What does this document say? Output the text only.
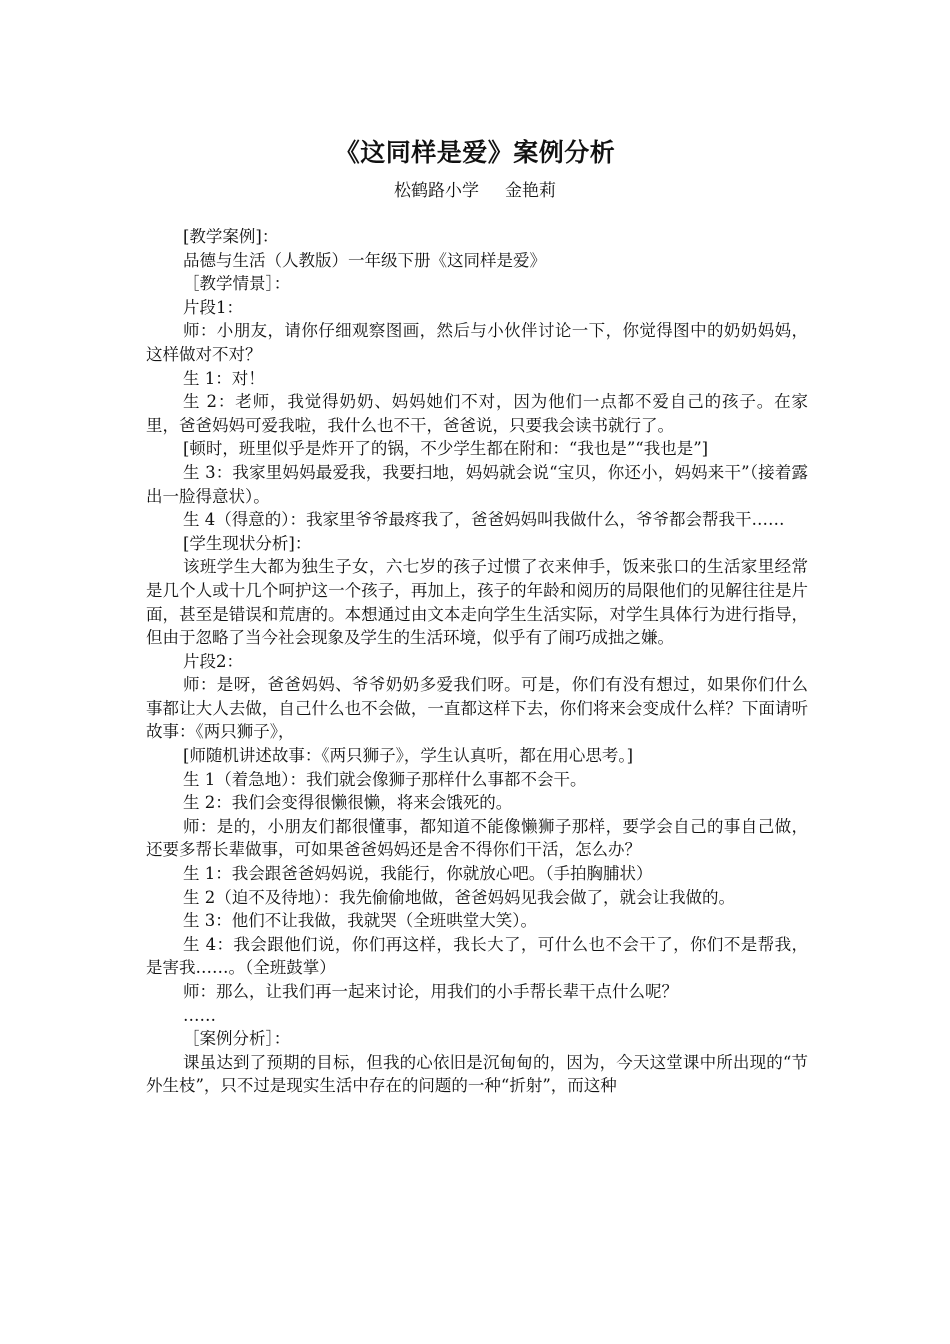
《这同样是爱》案例分析
松鹤路小学 金艳莉

[教学案例]：

品德与生活（人教版）一年级下册《这同样是爱》

［教学情景］：

片段1：

师：小朋友，请你仔细观察图画，然后与小伙伴讨论一下，你觉得图中的奶奶妈妈，这样做对不对？

生 1：对！

生 2：老师，我觉得奶奶、妈妈她们不对，因为他们一点都不爱自己的孩子。在家里，爸爸妈妈可爱我啦，我什么也不干，爸爸说，只要我会读书就行了。

[顿时，班里似乎是炸开了的锅，不少学生都在附和：“我也是”“我也是”]

生 3：我家里妈妈最爱我，我要扫地，妈妈就会说“宝贝，你还小，妈妈来干”（接着露出一脸得意状）。

生 4（得意的）：我家里爷爷最疼我了，爸爸妈妈叫我做什么，爷爷都会帮我干……

[学生现状分析]：

该班学生大都为独生子女，六七岁的孩子过惯了衣来伸手，饭来张口的生活家里经常是几个人或十几个呵护这一个孩子，再加上，孩子的年龄和阅历的局限他们的见解往往是片面，甚至是错误和荒唐的。本想通过由文本走向学生生活实际，对学生具体行为进行指导，但由于忽略了当今社会现象及学生的生活环境，似乎有了闹巧成拙之嫌。

片段2：

师：是呀，爸爸妈妈、爷爷奶奶多爱我们呀。可是，你们有没有想过，如果你们什么事都让大人去做，自己什么也不会做，一直都这样下去，你们将来会变成什么样？下面请听故事：《两只狮子》，

[师随机讲述故事：《两只狮子》，学生认真听，都在用心思考。]

生 1（着急地）：我们就会像狮子那样什么事都不会干。

生 2：我们会变得很懒很懒，将来会饿死的。

师：是的，小朋友们都很懂事，都知道不能像懒狮子那样，要学会自己的事自己做，还要多帮长辈做事，可如果爸爸妈妈还是舍不得你们干活，怎么办？

生 1：我会跟爸爸妈妈说，我能行，你就放心吧。（手拍胸脯状）

生 2（迫不及待地）：我先偷偷地做，爸爸妈妈见我会做了，就会让我做的。

生 3：他们不让我做，我就哭（全班哄堂大笑）。

生 4：我会跟他们说，你们再这样，我长大了，可什么也不会干了，你们不是帮我，是害我……。（全班鼓掌）

师：那么，让我们再一起来讨论，用我们的小手帮长辈干点什么呢？

……

［案例分析］：

课虽达到了预期的目标，但我的心依旧是沉甸甸的，因为，今天这堂课中所出现的“节外生枝”，只不过是现实生活中存在的问题的一种“折射”，而这种
